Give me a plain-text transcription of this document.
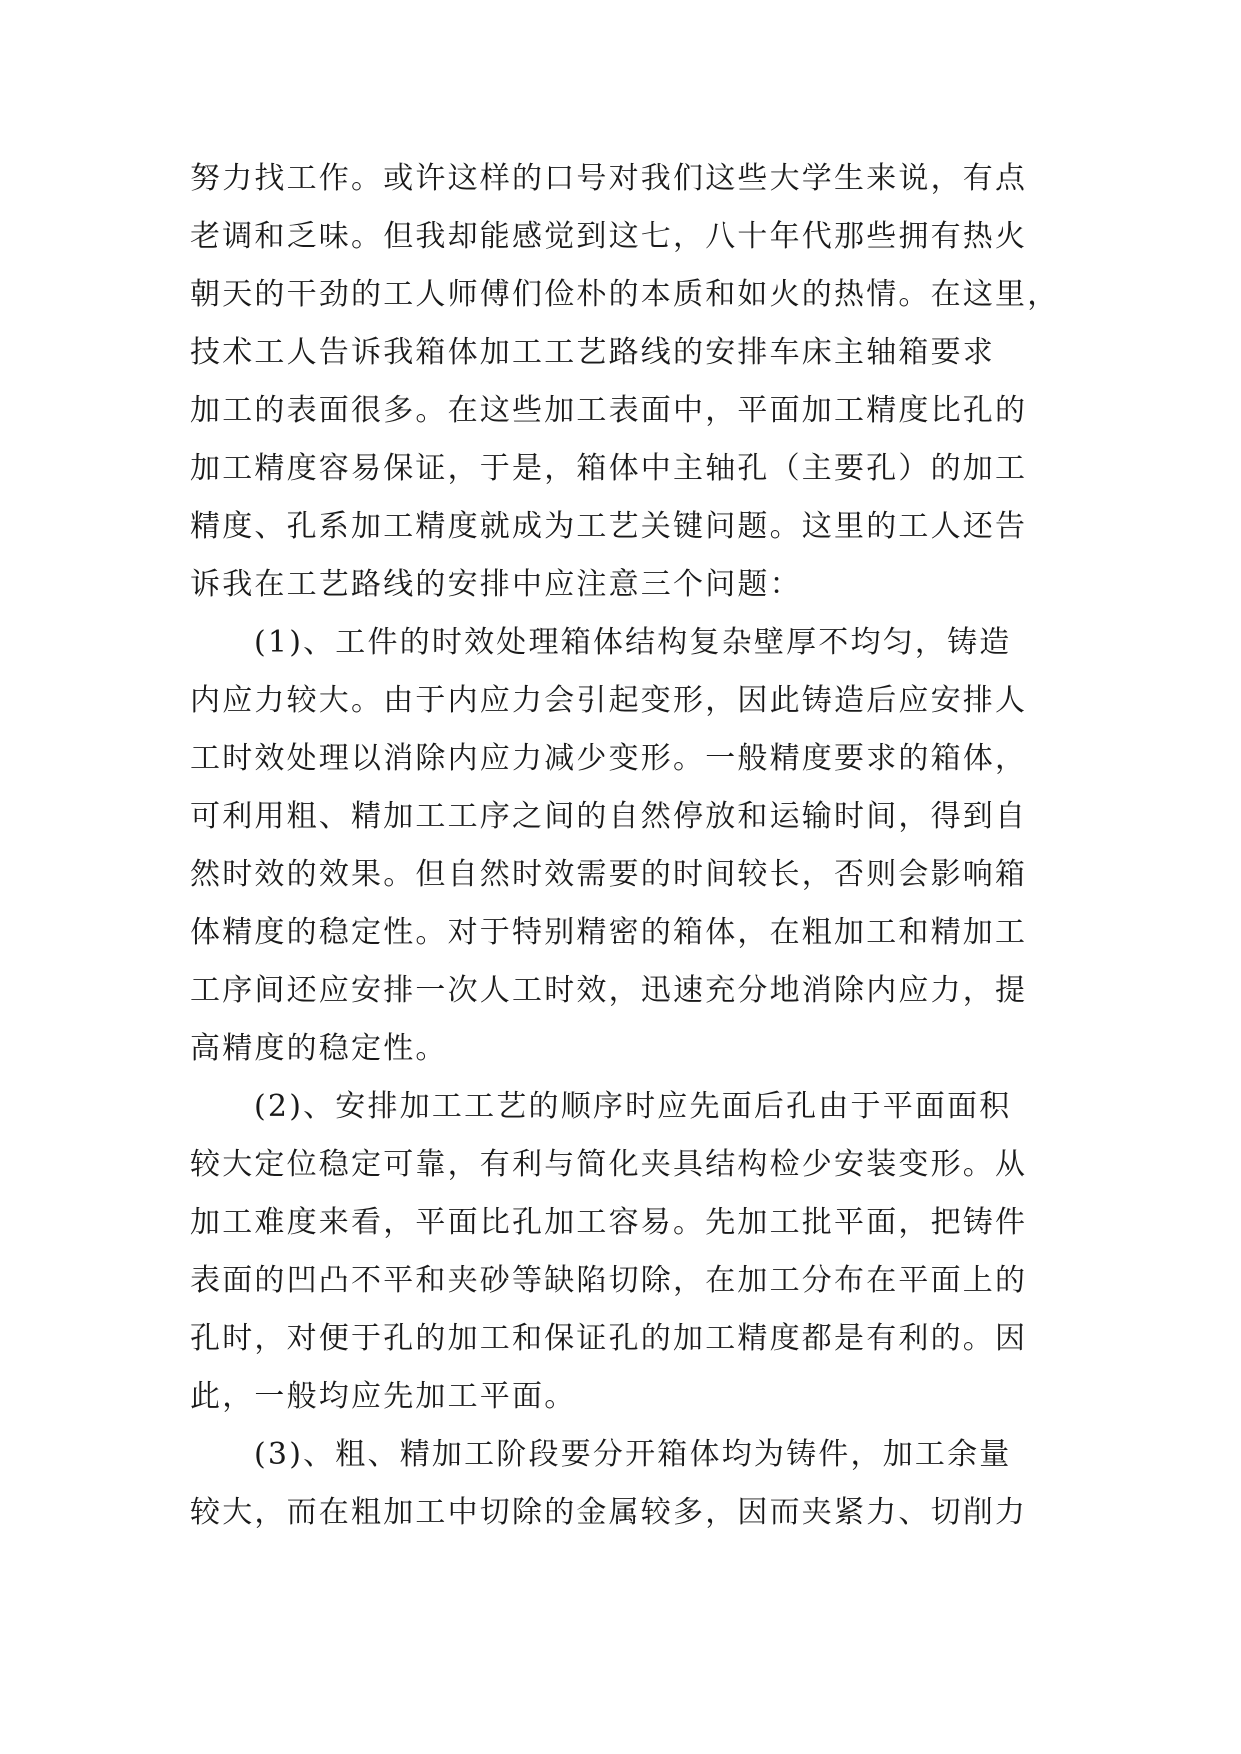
努力找工作。或许这样的口号对我们这些大学生来说，有点
老调和乏味。但我却能感觉到这七，八十年代那些拥有热火
朝天的干劲的工人师傅们俭朴的本质和如火的热情。在这里，
技术工人告诉我箱体加工工艺路线的安排车床主轴箱要求
加工的表面很多。在这些加工表面中，平面加工精度比孔的
加工精度容易保证，于是，箱体中主轴孔（主要孔）的加工
精度、孔系加工精度就成为工艺关键问题。这里的工人还告
诉我在工艺路线的安排中应注意三个问题：
(1)、工件的时效处理箱体结构复杂壁厚不均匀，铸造
内应力较大。由于内应力会引起变形，因此铸造后应安排人
工时效处理以消除内应力减少变形。一般精度要求的箱体，
可利用粗、精加工工序之间的自然停放和运输时间，得到自
然时效的效果。但自然时效需要的时间较长，否则会影响箱
体精度的稳定性。对于特别精密的箱体，在粗加工和精加工
工序间还应安排一次人工时效，迅速充分地消除内应力，提
高精度的稳定性。
(2)、安排加工工艺的顺序时应先面后孔由于平面面积
较大定位稳定可靠，有利与简化夹具结构检少安装变形。从
加工难度来看，平面比孔加工容易。先加工批平面，把铸件
表面的凹凸不平和夹砂等缺陷切除，在加工分布在平面上的
孔时，对便于孔的加工和保证孔的加工精度都是有利的。因
此，一般均应先加工平面。
(3)、粗、精加工阶段要分开箱体均为铸件，加工余量
较大，而在粗加工中切除的金属较多，因而夹紧力、切削力
